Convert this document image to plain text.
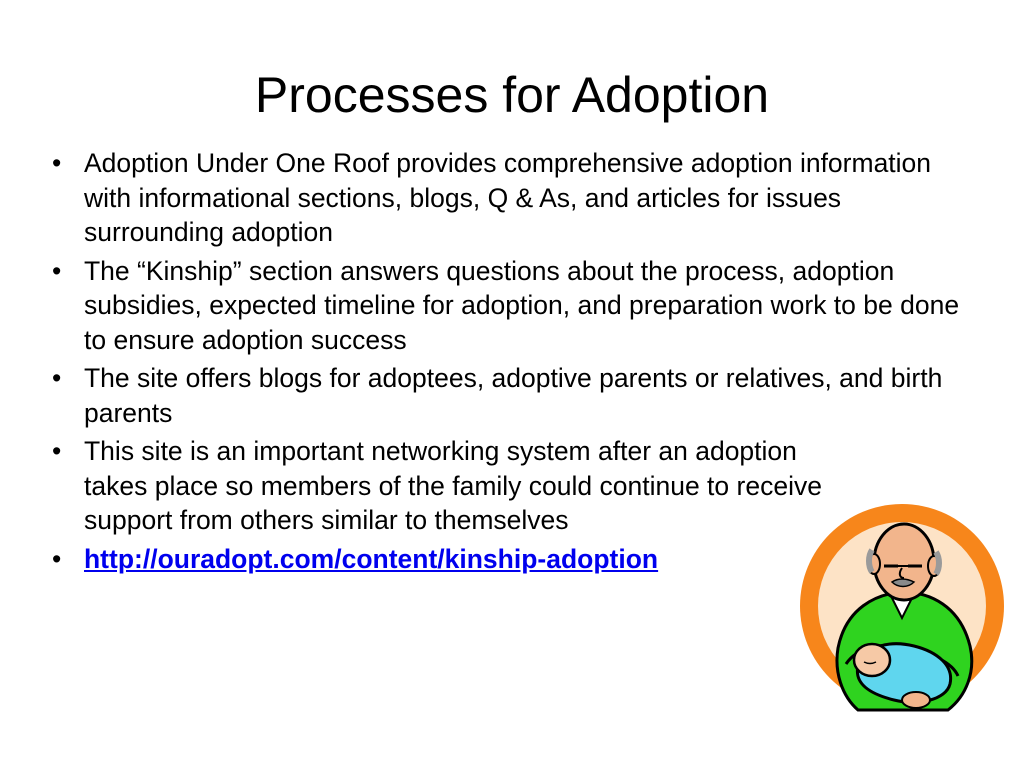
Processes for Adoption
• Adoption Under One Roof provides comprehensive adoption information with informational sections, blogs, Q & As, and articles for issues surrounding adoption
• The “Kinship” section answers questions about the process, adoption subsidies, expected timeline for adoption, and preparation work to be done to ensure adoption success
• The site offers blogs for adoptees, adoptive parents or relatives, and birth parents
• This site is an important networking system after an adoption takes place so members of the family could continue to receive support from others similar to themselves
• http://ouradopt.com/content/kinship-adoption
